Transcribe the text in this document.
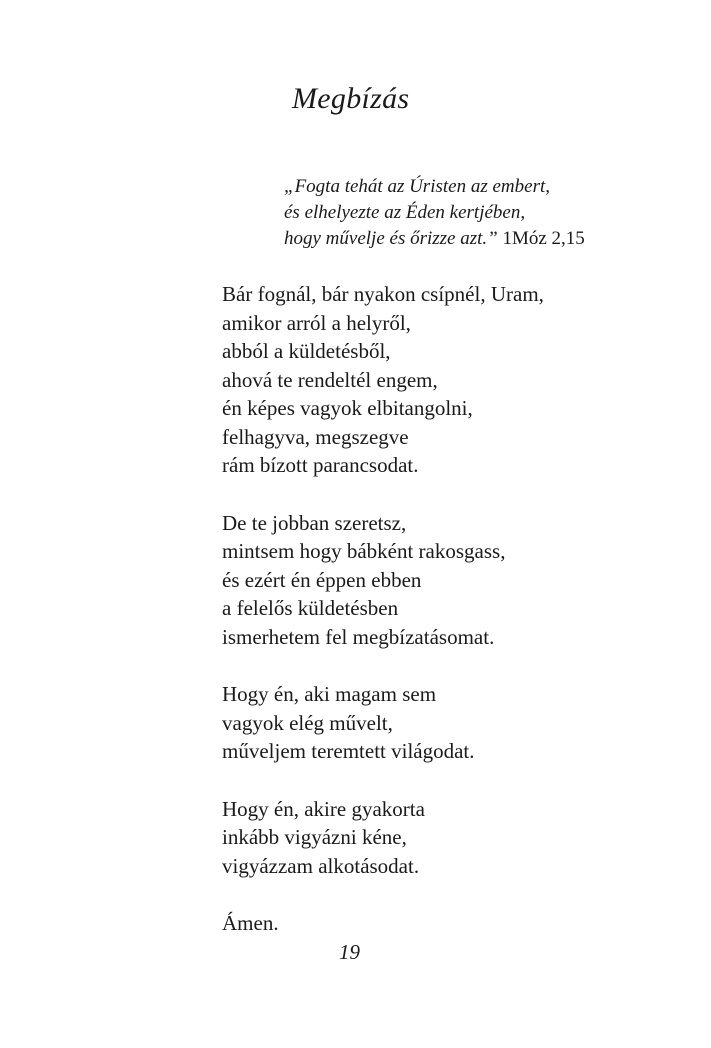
Megbízás
„Fogta tehát az Úristen az embert,
és elhelyezte az Éden kertjében,
hogy művelje és őrizze azt.” 1Móz 2,15
Bár fognál, bár nyakon csípnél, Uram,
amikor arról a helyről,
abból a küldetésből,
ahová te rendeltél engem,
én képes vagyok elbitangolni,
felhagyva, megszegve
rám bízott parancsodat.
De te jobban szeretsz,
mintsem hogy bábként rakosgass,
és ezért én éppen ebben
a felelős küldetésben
ismerhetem fel megbízatásomat.
Hogy én, aki magam sem
vagyok elég művelt,
műveljem teremtett világodat.
Hogy én, akire gyakorta
inkább vigyázni kéne,
vigyázzam alkotásodat.
Ámen.
19
